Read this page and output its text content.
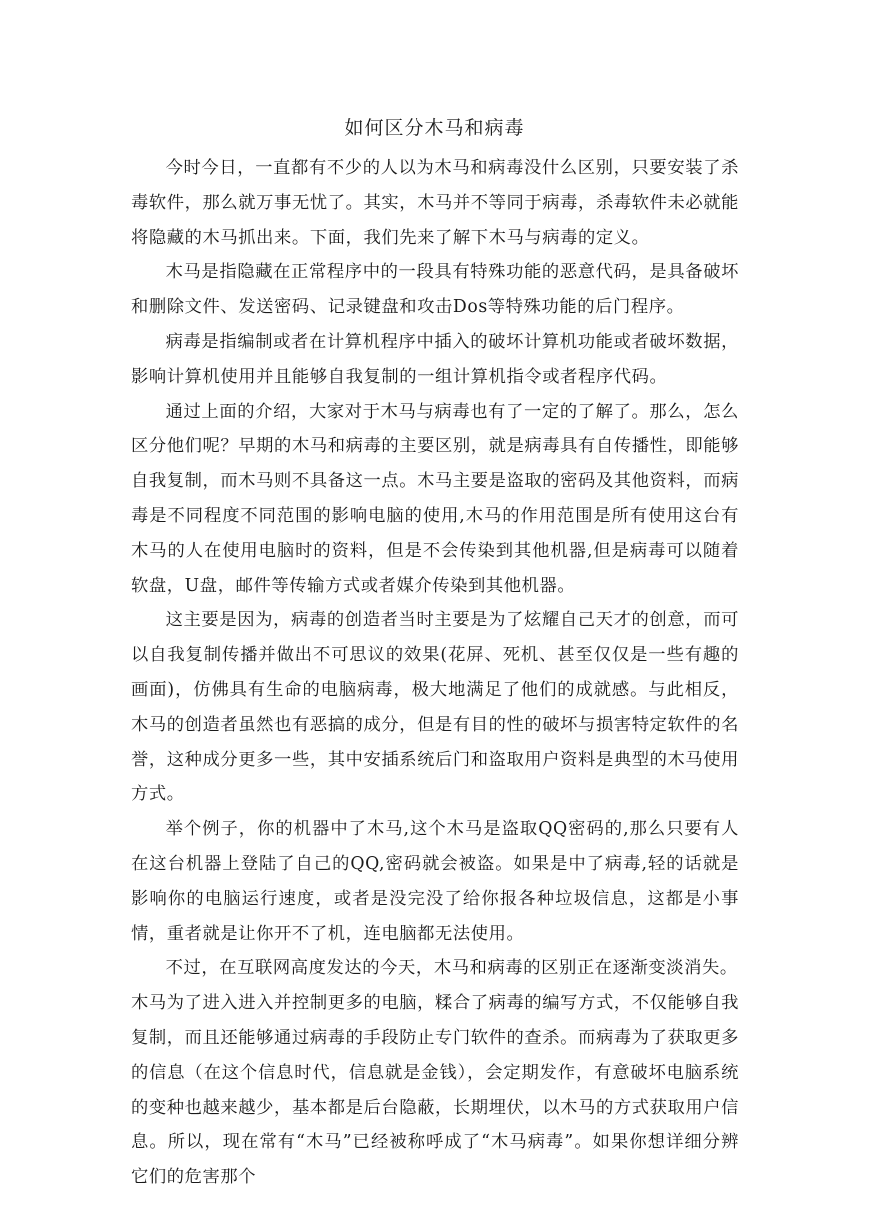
如何区分木马和病毒

今时今日，一直都有不少的人以为木马和病毒没什么区别，只要安装了杀毒软件，那么就万事无忧了。其实，木马并不等同于病毒，杀毒软件未必就能将隐藏的木马抓出来。下面，我们先来了解下木马与病毒的定义。

木马是指隐藏在正常程序中的一段具有特殊功能的恶意代码，是具备破坏和删除文件、发送密码、记录键盘和攻击Dos等特殊功能的后门程序。

病毒是指编制或者在计算机程序中插入的破坏计算机功能或者破坏数据，影响计算机使用并且能够自我复制的一组计算机指令或者程序代码。

通过上面的介绍，大家对于木马与病毒也有了一定的了解了。那么，怎么区分他们呢？早期的木马和病毒的主要区别，就是病毒具有自传播性，即能够自我复制，而木马则不具备这一点。木马主要是盗取的密码及其他资料，而病毒是不同程度不同范围的影响电脑的使用,木马的作用范围是所有使用这台有木马的人在使用电脑时的资料，但是不会传染到其他机器,但是病毒可以随着软盘，U盘，邮件等传输方式或者媒介传染到其他机器。

这主要是因为，病毒的创造者当时主要是为了炫耀自己天才的创意，而可以自我复制传播并做出不可思议的效果(花屏、死机、甚至仅仅是一些有趣的画面)，仿佛具有生命的电脑病毒，极大地满足了他们的成就感。与此相反，木马的创造者虽然也有恶搞的成分，但是有目的性的破坏与损害特定软件的名誉，这种成分更多一些，其中安插系统后门和盗取用户资料是典型的木马使用方式。

举个例子，你的机器中了木马,这个木马是盗取QQ密码的,那么只要有人在这台机器上登陆了自己的QQ,密码就会被盗。如果是中了病毒,轻的话就是影响你的电脑运行速度，或者是没完没了给你报各种垃圾信息，这都是小事情，重者就是让你开不了机，连电脑都无法使用。

不过，在互联网高度发达的今天，木马和病毒的区别正在逐渐变淡消失。

木马为了进入进入并控制更多的电脑，糅合了病毒的编写方式，不仅能够自我复制，而且还能够通过病毒的手段防止专门软件的查杀。而病毒为了获取更多的信息（在这个信息时代，信息就是金钱），会定期发作，有意破坏电脑系统的变种也越来越少，基本都是后台隐蔽，长期埋伏，以木马的方式获取用户信息。所以，现在常有“木马”已经被称呼成了“木马病毒”。如果你想详细分辨它们的危害那个
